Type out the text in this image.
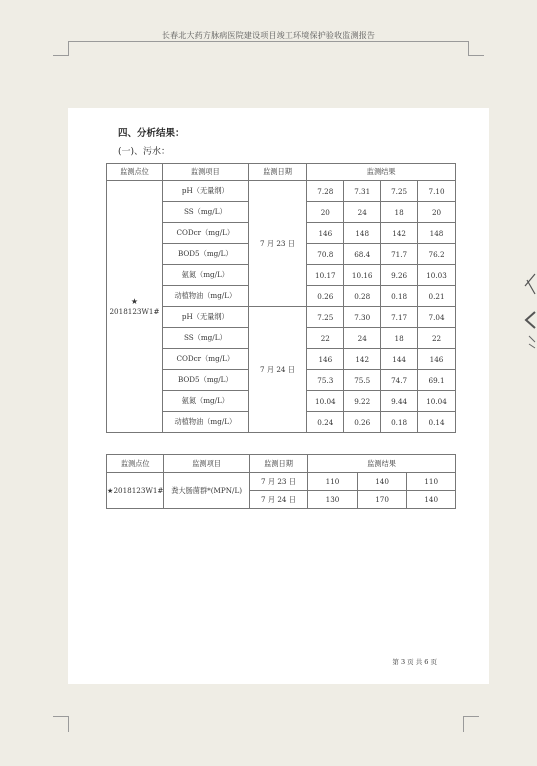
长春北大药方脉病医院建设项目竣工环境保护验收监测报告
四、分析结果：
(一)、污水：
监测点位	监测项目	监测日期	监测结果			

★
2018123W1#	pH（无量纲）	7 月 23 日	7.28	7.31	7.25	7.10
	SS（mg/L）		20	24	18	20
	CODcr（mg/L）		146	148	142	148
	BOD5（mg/L）		70.8	68.4	71.7	76.2
	氨氮（mg/L）		10.17	10.16	9.26	10.03
	动植物油（mg/L）		0.26	0.28	0.18	0.21
	pH（无量纲）	7 月 24 日	7.25	7.30	7.17	7.04
	SS（mg/L）		22	24	18	22
	CODcr（mg/L）		146	142	144	146
	BOD5（mg/L）		75.3	75.5	74.7	69.1
	氨氮（mg/L）		10.04	9.22	9.44	10.04
	动植物油（mg/L）		0.24	0.26	0.18	0.14
监测点位	监测项目	监测日期	监测结果		
★2018123W1#	粪大肠菌群*(MPN/L)	7 月 23 日	110	140	110
		7 月 24 日	130	170	140
第 3 页 共 6 页
